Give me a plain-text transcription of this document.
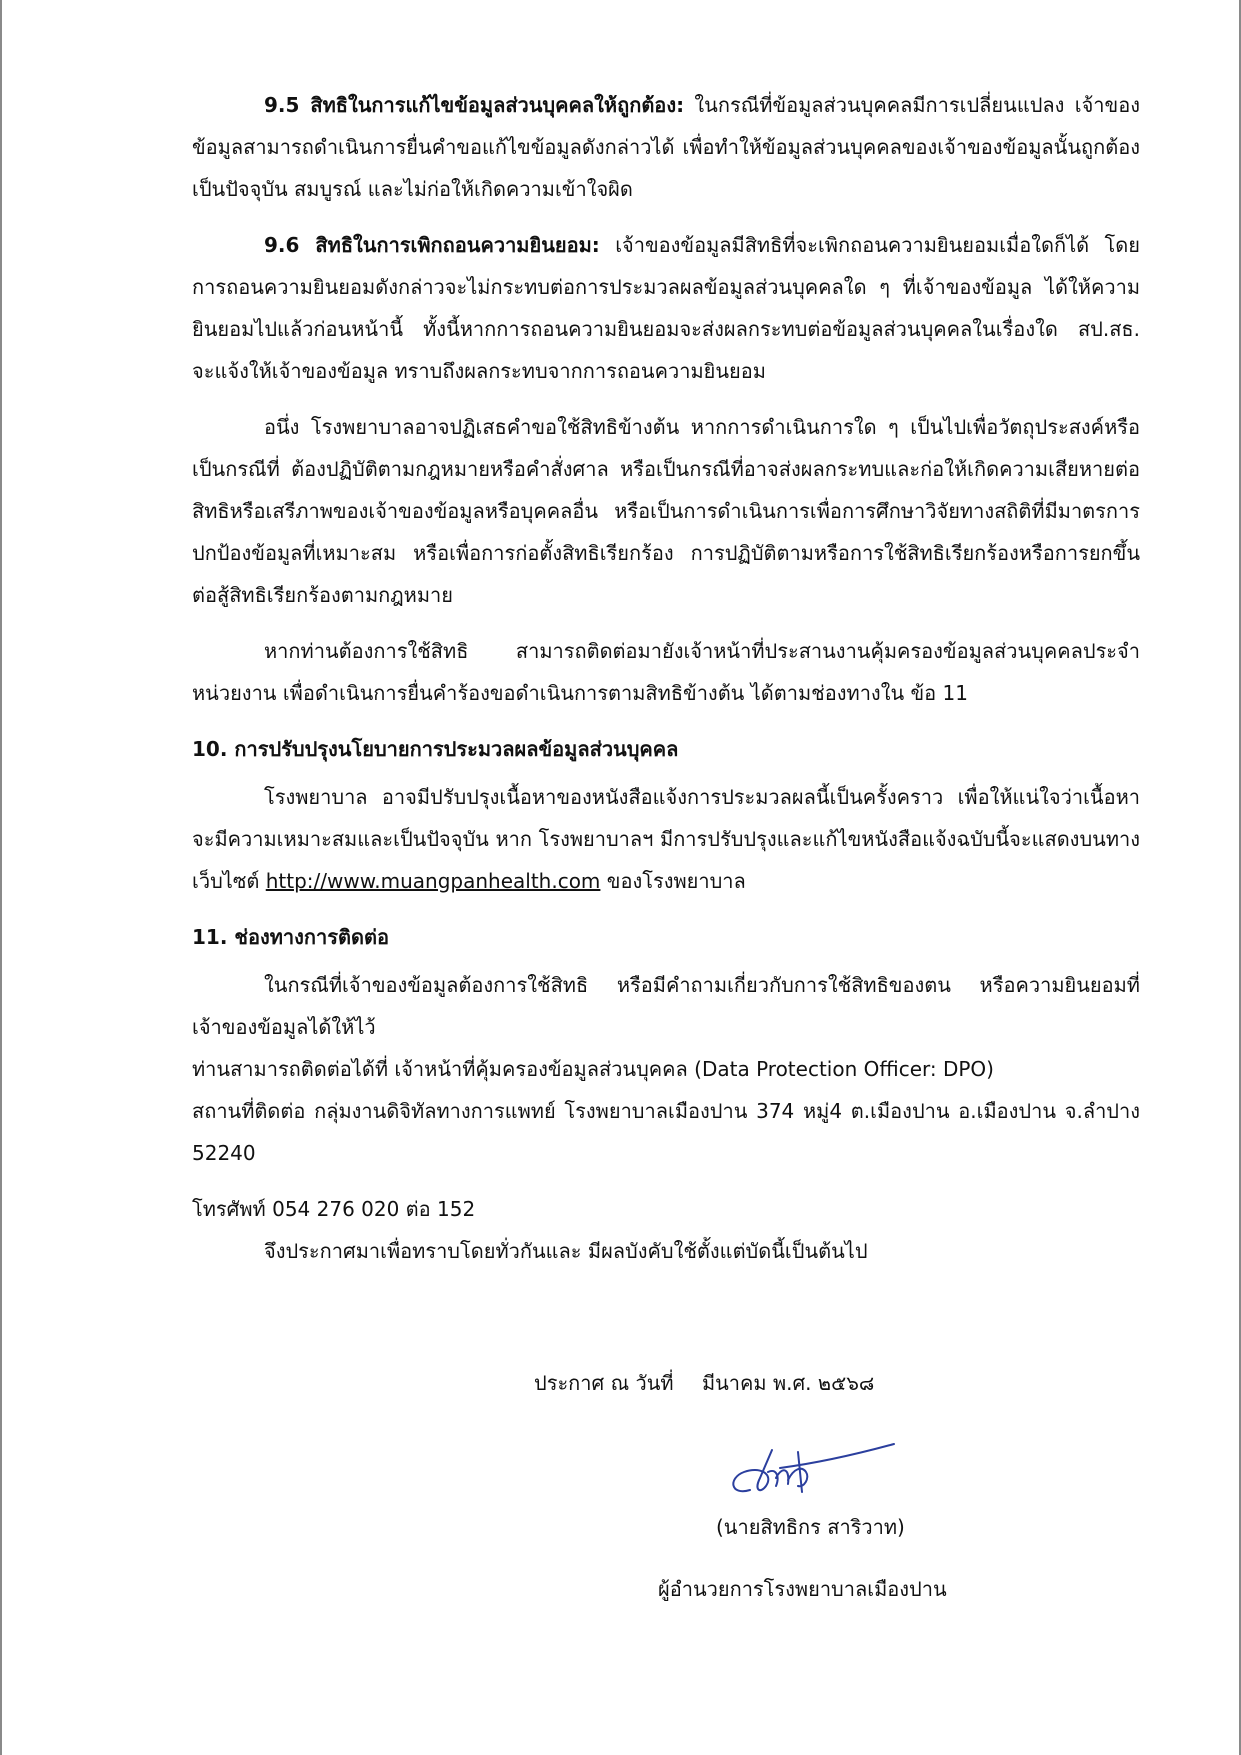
9.5 สิทธิในการแก้ไขข้อมูลส่วนบุคคลให้ถูกต้อง: ในกรณีที่ข้อมูลส่วนบุคคลมีการเปลี่ยนแปลง เจ้าของข้อมูลสามารถดำเนินการยื่นคำขอแก้ไขข้อมูลดังกล่าวได้ เพื่อทำให้ข้อมูลส่วนบุคคลของเจ้าของข้อมูลนั้นถูกต้อง เป็นปัจจุบัน สมบูรณ์ และไม่ก่อให้เกิดความเข้าใจผิด

9.6 สิทธิในการเพิกถอนความยินยอม: เจ้าของข้อมูลมีสิทธิที่จะเพิกถอนความยินยอมเมื่อใดก็ได้ โดยการถอนความยินยอมดังกล่าวจะไม่กระทบต่อการประมวลผลข้อมูลส่วนบุคคลใด ๆ ที่เจ้าของข้อมูล ได้ให้ความยินยอมไปแล้วก่อนหน้านี้ ทั้งนี้หากการถอนความยินยอมจะส่งผลกระทบต่อข้อมูลส่วนบุคคลในเรื่องใด สป.สธ. จะแจ้งให้เจ้าของข้อมูล ทราบถึงผลกระทบจากการถอนความยินยอม

อนึ่ง โรงพยาบาลอาจปฏิเสธคำขอใช้สิทธิข้างต้น หากการดำเนินการใด ๆ เป็นไปเพื่อวัตถุประสงค์หรือเป็นกรณีที่ ต้องปฏิบัติตามกฎหมายหรือคำสั่งศาล หรือเป็นกรณีที่อาจส่งผลกระทบและก่อให้เกิดความเสียหายต่อสิทธิหรือเสรีภาพของเจ้าของข้อมูลหรือบุคคลอื่น หรือเป็นการดำเนินการเพื่อการศึกษาวิจัยทางสถิติที่มีมาตรการปกป้องข้อมูลที่เหมาะสม หรือเพื่อการก่อตั้งสิทธิเรียกร้อง การปฏิบัติตามหรือการใช้สิทธิเรียกร้องหรือการยกขึ้นต่อสู้สิทธิเรียกร้องตามกฎหมาย

หากท่านต้องการใช้สิทธิ สามารถติดต่อมายังเจ้าหน้าที่ประสานงานคุ้มครองข้อมูลส่วนบุคคลประจำหน่วยงาน เพื่อดำเนินการยื่นคำร้องขอดำเนินการตามสิทธิข้างต้น ได้ตามช่องทางใน ข้อ 11

10. การปรับปรุงนโยบายการประมวลผลข้อมูลส่วนบุคคล

โรงพยาบาล อาจมีปรับปรุงเนื้อหาของหนังสือแจ้งการประมวลผลนี้เป็นครั้งคราว เพื่อให้แน่ใจว่าเนื้อหาจะมีความเหมาะสมและเป็นปัจจุบัน หาก โรงพยาบาลฯ มีการปรับปรุงและแก้ไขหนังสือแจ้งฉบับนี้จะแสดงบนทางเว็บไซต์ http://www.muangpanhealth.com ของโรงพยาบาล

11. ช่องทางการติดต่อ

ในกรณีที่เจ้าของข้อมูลต้องการใช้สิทธิ หรือมีคำถามเกี่ยวกับการใช้สิทธิของตน หรือความยินยอมที่เจ้าของข้อมูลได้ให้ไว้

ท่านสามารถติดต่อได้ที่ เจ้าหน้าที่คุ้มครองข้อมูลส่วนบุคคล (Data Protection Officer: DPO)

สถานที่ติดต่อ กลุ่มงานดิจิทัลทางการแพทย์ โรงพยาบาลเมืองปาน 374 หมู่4 ต.เมืองปาน อ.เมืองปาน จ.ลำปาง 52240

โทรศัพท์ 054 276 020 ต่อ 152

จึงประกาศมาเพื่อทราบโดยทั่วกันและ มีผลบังคับใช้ตั้งแต่บัดนี้เป็นต้นไป

ประกาศ ณ วันที่ มีนาคม พ.ศ. ๒๕๖๘
(นายสิทธิกร สาริวาท)
ผู้อำนวยการโรงพยาบาลเมืองปาน
